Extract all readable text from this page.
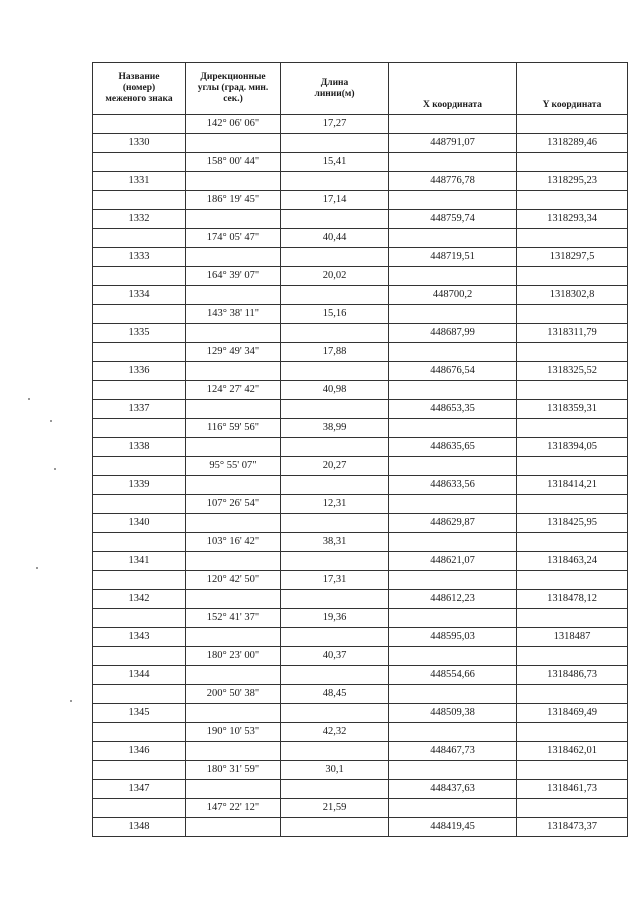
Название
(номер)
меженого знака	Дирекционные
углы (град. мин.
сек.)	Длина
линии(м)	X координата	Y координата

	142° 06' 06"	17,27		
1330			448791,07	1318289,46
	158° 00' 44"	15,41		
1331			448776,78	1318295,23
	186° 19' 45"	17,14		
1332			448759,74	1318293,34
	174° 05' 47"	40,44		
1333			448719,51	1318297,5
	164° 39' 07"	20,02		
1334			448700,2	1318302,8
	143° 38' 11"	15,16		
1335			448687,99	1318311,79
	129° 49' 34"	17,88		
1336			448676,54	1318325,52
	124° 27' 42"	40,98		
1337			448653,35	1318359,31
	116° 59' 56"	38,99		
1338			448635,65	1318394,05
	95° 55' 07"	20,27		
1339			448633,56	1318414,21
	107° 26' 54"	12,31		
1340			448629,87	1318425,95
	103° 16' 42"	38,31		
1341			448621,07	1318463,24
	120° 42' 50"	17,31		
1342			448612,23	1318478,12
	152° 41' 37"	19,36		
1343			448595,03	1318487
	180° 23' 00"	40,37		
1344			448554,66	1318486,73
	200° 50' 38"	48,45		
1345			448509,38	1318469,49
	190° 10' 53"	42,32		
1346			448467,73	1318462,01
	180° 31' 59"	30,1		
1347			448437,63	1318461,73
	147° 22' 12"	21,59		
1348			448419,45	1318473,37
